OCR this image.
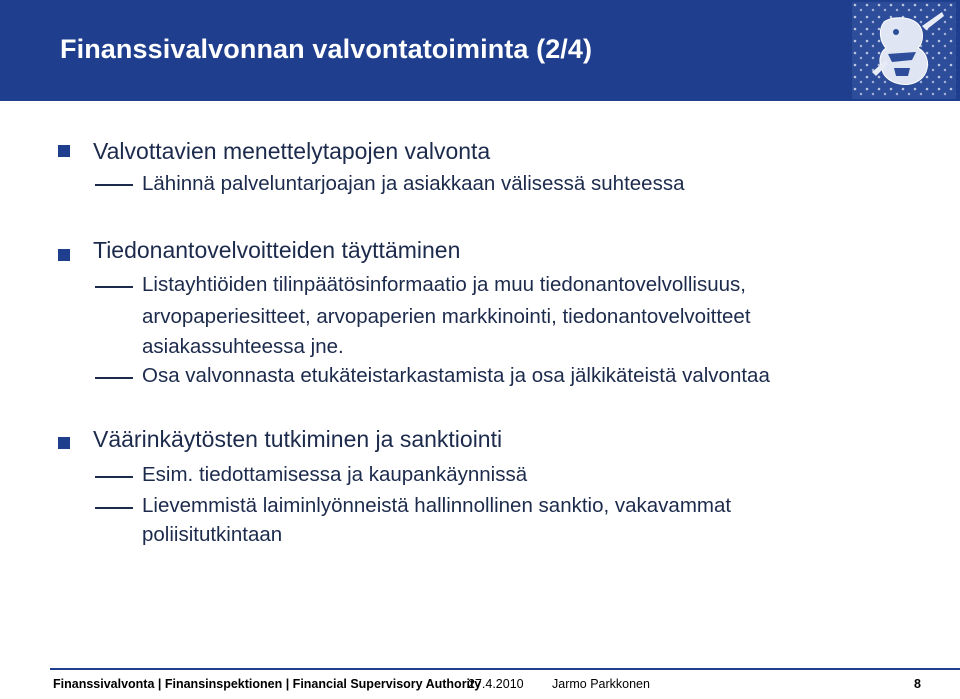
Finanssivalvonnan valvontatoiminta (2/4)
Valvottavien menettelytapojen valvonta
Lähinnä palveluntarjoajan ja asiakkaan välisessä suhteessa
Tiedonantovelvoitteiden täyttäminen
Listayhtiöiden tilinpäätösinformaatio ja muu tiedonantovelvollisuus,
arvopaperiesitteet, arvopaperien markkinointi, tiedonantovelvoitteet
asiakassuhteessa jne.
Osa valvonnasta etukäteistarkastamista ja osa jälkikäteistä valvontaa
Väärinkäytösten tutkiminen ja sanktiointi
Esim. tiedottamisessa ja kaupankäynnissä
Lievemmistä laiminlyönneistä hallinnollinen sanktio, vakavammat
poliisitutkintaan
Finanssivalvonta | Finansinspektionen | Financial Supervisory Authority
27.4.2010 Jarmo Parkkonen	8
